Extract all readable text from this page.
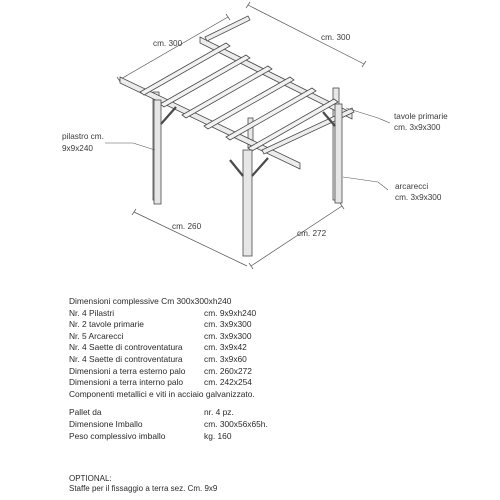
cm. 300
cm. 300
pilastro cm.
9x9x240
tavole primarie
cm. 3x9x300
arcarecci
cm. 3x9x300
cm. 260
cm. 272
Dimensioni complessive Cm 300x300xh240
Nr. 4 Pilastri	cm. 9x9xh240
Nr. 2 tavole primarie	cm. 3x9x300
Nr. 5 Arcarecci	cm. 3x9x300
Nr. 4 Saette di controventatura	cm. 3x9x42
Nr. 4 Saette di controventatura	cm. 3x9x60
Dimensioni a terra esterno palo cm. 260x272
Dimensioni a terra interno palo cm. 242x254
Componenti metallici e viti in acciaio galvanizzato.
Pallet da	nr. 4 pz.
Dimensione Imballo	cm. 300x56x65h.
Peso complessivo imballo	kg. 160
OPTIONAL:
Staffe per il fissaggio a terra sez. Cm. 9x9
